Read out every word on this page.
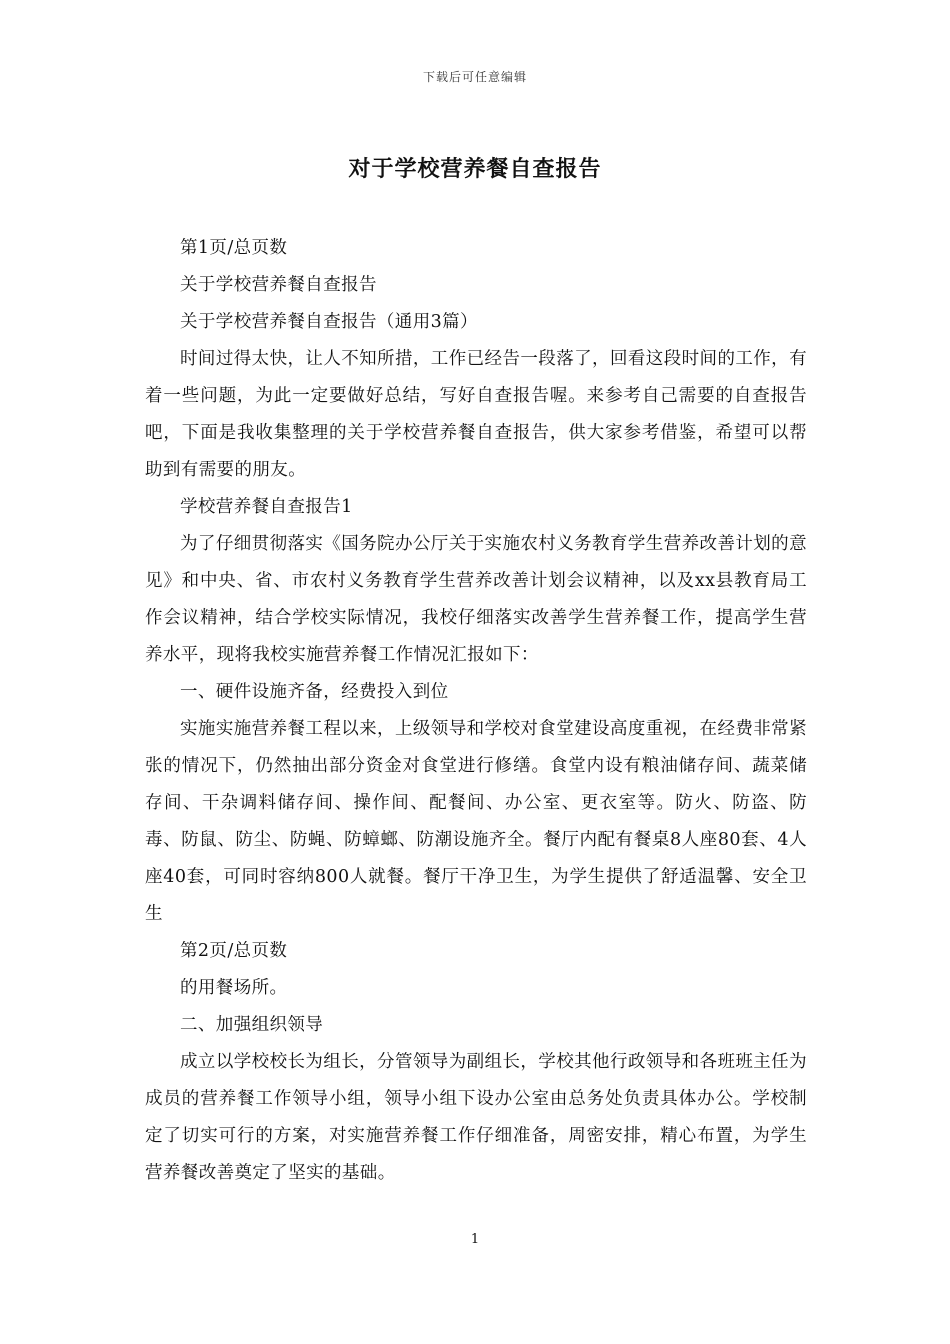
下载后可任意编辑
对于学校营养餐自查报告

第1页/总页数

关于学校营养餐自查报告

关于学校营养餐自查报告（通用3篇）

时间过得太快，让人不知所措，工作已经告一段落了，回看这段时间的工作，有着一些问题，为此一定要做好总结，写好自查报告喔。来参考自己需要的自查报告吧，下面是我收集整理的关于学校营养餐自查报告，供大家参考借鉴，希望可以帮助到有需要的朋友。

学校营养餐自查报告1

为了仔细贯彻落实《国务院办公厅关于实施农村义务教育学生营养改善计划的意见》和中央、省、市农村义务教育学生营养改善计划会议精神，以及xx县教育局工作会议精神，结合学校实际情况，我校仔细落实改善学生营养餐工作，提高学生营养水平，现将我校实施营养餐工作情况汇报如下：

一、硬件设施齐备，经费投入到位

实施实施营养餐工程以来，上级领导和学校对食堂建设高度重视，在经费非常紧张的情况下，仍然抽出部分资金对食堂进行修缮。食堂内设有粮油储存间、蔬菜储存间、干杂调料储存间、操作间、配餐间、办公室、更衣室等。防火、防盗、防毒、防鼠、防尘、防蝇、防蟑螂、防潮设施齐全。餐厅内配有餐桌8人座80套、4人座40套，可同时容纳800人就餐。餐厅干净卫生，为学生提供了舒适温馨、安全卫生

第2页/总页数

的用餐场所。

二、加强组织领导

成立以学校校长为组长，分管领导为副组长，学校其他行政领导和各班班主任为成员的营养餐工作领导小组，领导小组下设办公室由总务处负责具体办公。学校制定了切实可行的方案，对实施营养餐工作仔细准备，周密安排，精心布置，为学生营养餐改善奠定了坚实的基础。

1
